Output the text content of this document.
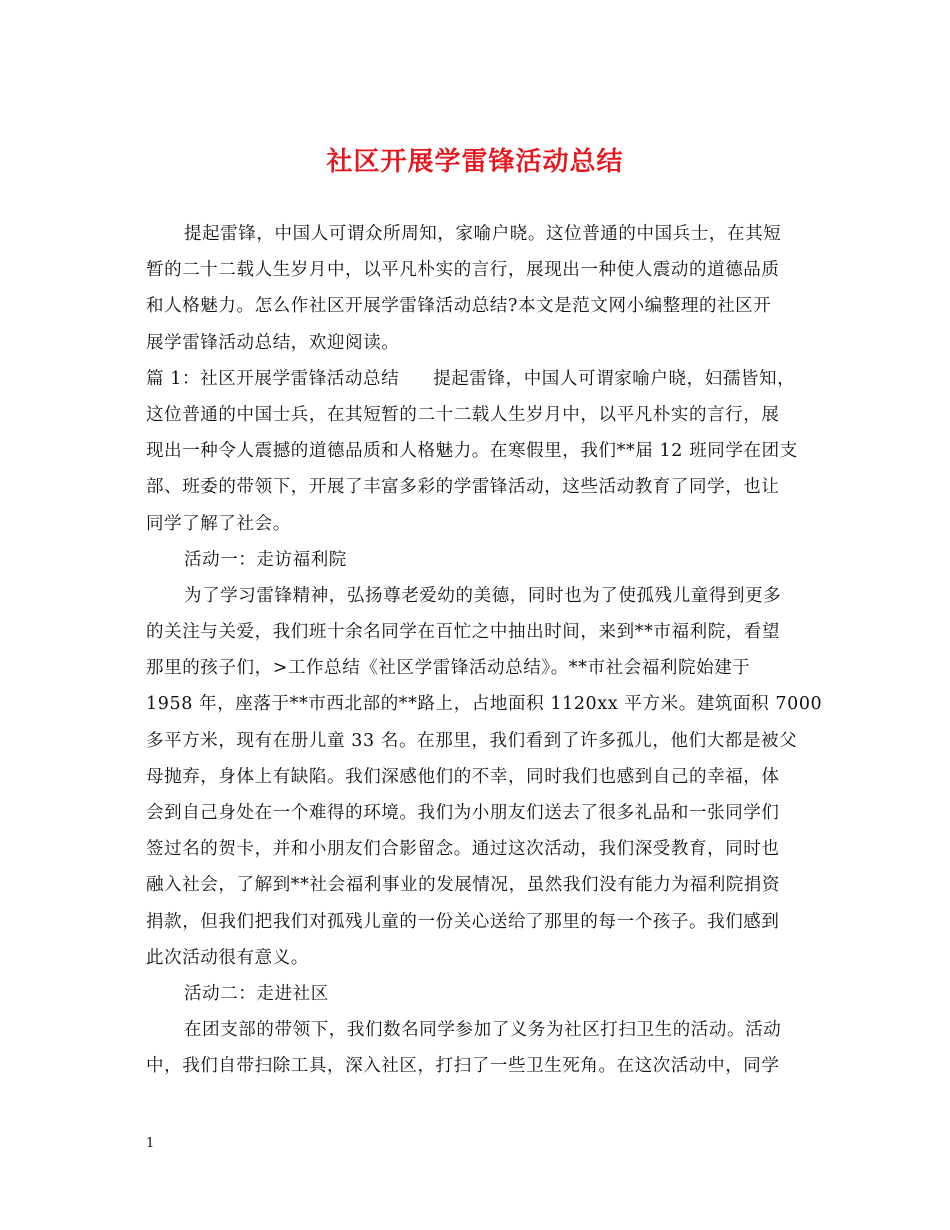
社区开展学雷锋活动总结
提起雷锋，中国人可谓众所周知，家喻户晓。这位普通的中国兵士，在其短
暂的二十二载人生岁月中，以平凡朴实的言行，展现出一种使人震动的道德品质
和人格魅力。怎么作社区开展学雷锋活动总结?本文是范文网小编整理的社区开
展学雷锋活动总结，欢迎阅读。
篇 1：社区开展学雷锋活动总结 提起雷锋，中国人可谓家喻户晓，妇孺皆知，
这位普通的中国士兵，在其短暂的二十二载人生岁月中，以平凡朴实的言行，展
现出一种令人震撼的道德品质和人格魅力。在寒假里，我们**届 12 班同学在团支
部、班委的带领下，开展了丰富多彩的学雷锋活动，这些活动教育了同学，也让
同学了解了社会。
活动一：走访福利院
为了学习雷锋精神，弘扬尊老爱幼的美德，同时也为了使孤残儿童得到更多
的关注与关爱，我们班十余名同学在百忙之中抽出时间，来到**市福利院，看望
那里的孩子们，>工作总结《社区学雷锋活动总结》。**市社会福利院始建于
1958 年，座落于**市西北部的**路上，占地面积 1120xx 平方米。建筑面积 7000
多平方米，现有在册儿童 33 名。在那里，我们看到了许多孤儿，他们大都是被父
母抛弃，身体上有缺陷。我们深感他们的不幸，同时我们也感到自己的幸福，体
会到自己身处在一个难得的环境。我们为小朋友们送去了很多礼品和一张同学们
签过名的贺卡，并和小朋友们合影留念。通过这次活动，我们深受教育，同时也
融入社会，了解到**社会福利事业的发展情况，虽然我们没有能力为福利院捐资
捐款，但我们把我们对孤残儿童的一份关心送给了那里的每一个孩子。我们感到
此次活动很有意义。
活动二：走进社区
在团支部的带领下，我们数名同学参加了义务为社区打扫卫生的活动。活动
中，我们自带扫除工具，深入社区，打扫了一些卫生死角。在这次活动中，同学
1
